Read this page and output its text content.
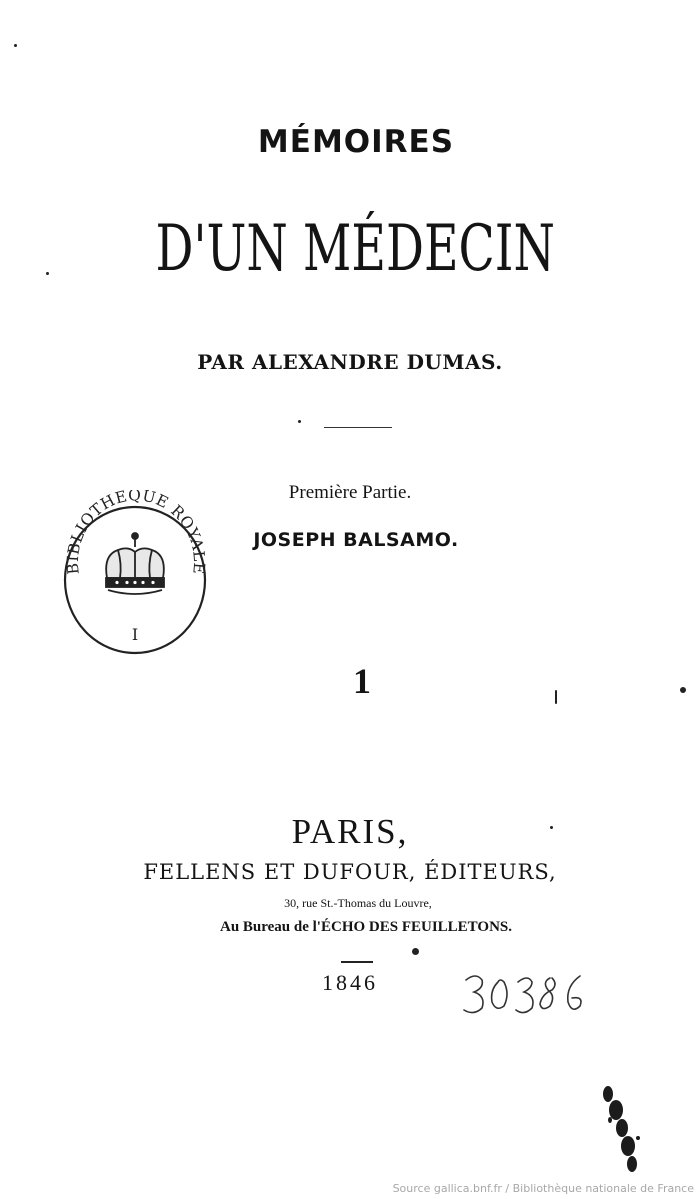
MÉMOIRES
D'UN MÉDECIN
PAR ALEXANDRE DUMAS.
Première Partie.
JOSEPH BALSAMO.
BIBLIOTHEQUE ROYALE
I
1
PARIS,
FELLENS ET DUFOUR, ÉDITEURS,
30, rue St.-Thomas du Louvre,
Au Bureau de l'ÉCHO DES FEUILLETONS.
1846
Source gallica.bnf.fr / Bibliothèque nationale de France
